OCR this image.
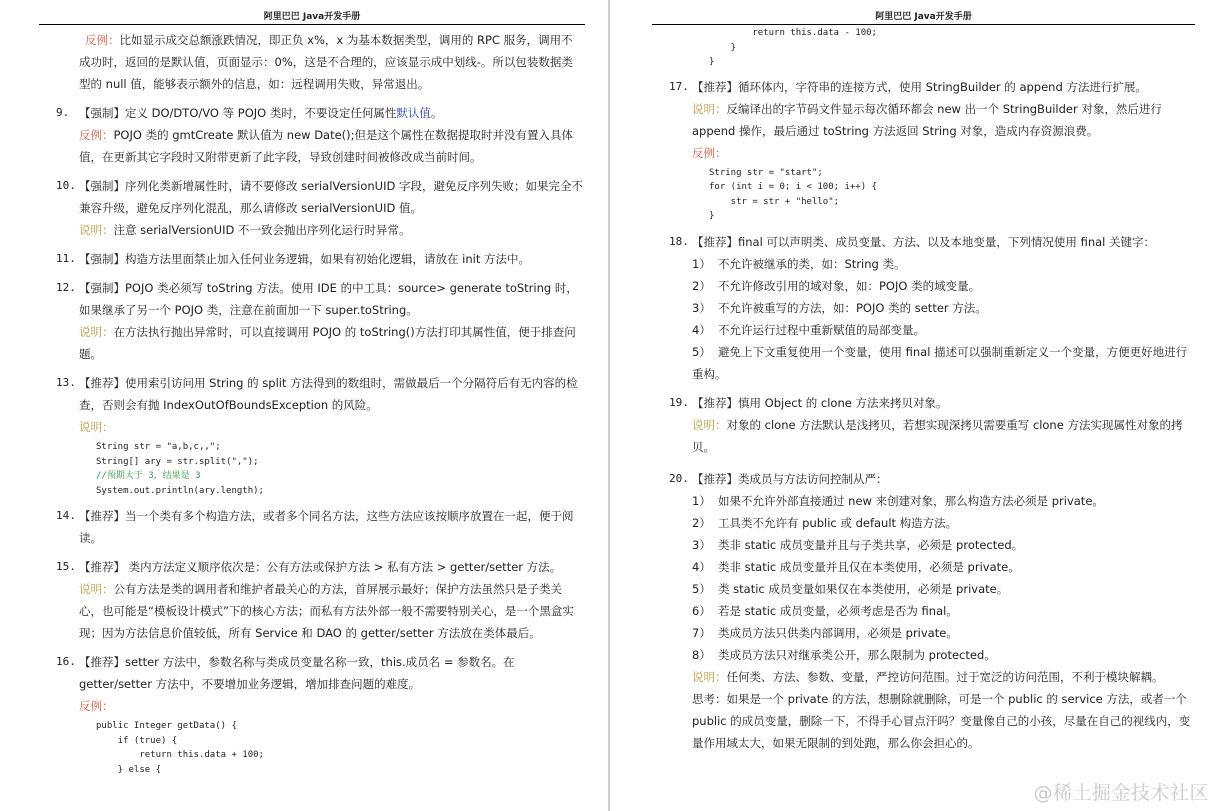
阿里巴巴 Java开发手册
反例：比如显示成交总额涨跌情况，即正负 x%，x 为基本数据类型，调用的 RPC 服务，调用不成功时，返回的是默认值，页面显示：0%，这是不合理的，应该显示成中划线-。所以包装数据类型的 null 值，能够表示额外的信息，如：远程调用失败，异常退出。
9. 【强制】定义 DO/DTO/VO 等 POJO 类时，不要设定任何属性默认值。
反例：POJO 类的 gmtCreate 默认值为 new Date();但是这个属性在数据提取时并没有置入具体值，在更新其它字段时又附带更新了此字段，导致创建时间被修改成当前时间。
10. 【强制】序列化类新增属性时，请不要修改 serialVersionUID 字段，避免反序列失败；如果完全不兼容升级，避免反序列化混乱，那么请修改 serialVersionUID 值。
说明：注意 serialVersionUID 不一致会抛出序列化运行时异常。
11. 【强制】构造方法里面禁止加入任何业务逻辑，如果有初始化逻辑，请放在 init 方法中。
12. 【强制】POJO 类必须写 toString 方法。使用 IDE 的中工具：source> generate toString 时，如果继承了另一个 POJO 类，注意在前面加一下 super.toString。
说明：在方法执行抛出异常时，可以直接调用 POJO 的 toString()方法打印其属性值，便于排查问题。
13. 【推荐】使用索引访问用 String 的 split 方法得到的数组时，需做最后一个分隔符后有无内容的检查，否则会有抛 IndexOutOfBoundsException 的风险。
说明：
String str = "a,b,c,,";
String[] ary = str.split(",");
//预期大于 3，结果是 3
System.out.println(ary.length);
14. 【推荐】当一个类有多个构造方法，或者多个同名方法，这些方法应该按顺序放置在一起，便于阅读。
15. 【推荐】 类内方法定义顺序依次是：公有方法或保护方法 > 私有方法 > getter/setter 方法。
说明：公有方法是类的调用者和维护者最关心的方法，首屏展示最好；保护方法虽然只是子类关心，也可能是“模板设计模式”下的核心方法；而私有方法外部一般不需要特别关心，是一个黑盒实现；因为方法信息价值较低，所有 Service 和 DAO 的 getter/setter 方法放在类体最后。
16. 【推荐】setter 方法中，参数名称与类成员变量名称一致，this.成员名 = 参数名。在 getter/setter 方法中，不要增加业务逻辑，增加排查问题的难度。
反例：
public Integer getData() {
if (true) {
return this.data + 100;
} else {
阿里巴巴 Java开发手册
return this.data - 100;
}
}
17. 【推荐】循环体内，字符串的连接方式，使用 StringBuilder 的 append 方法进行扩展。
说明：反编译出的字节码文件显示每次循环都会 new 出一个 StringBuilder 对象，然后进行 append 操作，最后通过 toString 方法返回 String 对象，造成内存资源浪费。
反例：
String str = "start";
for (int i = 0; i < 100; i++) {
str = str + "hello";
}
18. 【推荐】final 可以声明类、成员变量、方法、以及本地变量，下列情况使用 final 关键字：
1） 不允许被继承的类，如：String 类。
2） 不允许修改引用的域对象，如：POJO 类的域变量。
3） 不允许被重写的方法，如：POJO 类的 setter 方法。
4） 不允许运行过程中重新赋值的局部变量。
5） 避免上下文重复使用一个变量，使用 final 描述可以强制重新定义一个变量，方便更好地进行重构。
19. 【推荐】慎用 Object 的 clone 方法来拷贝对象。
说明：对象的 clone 方法默认是浅拷贝，若想实现深拷贝需要重写 clone 方法实现属性对象的拷贝。
20. 【推荐】类成员与方法访问控制从严：
1） 如果不允许外部直接通过 new 来创建对象，那么构造方法必须是 private。
2） 工具类不允许有 public 或 default 构造方法。
3） 类非 static 成员变量并且与子类共享，必须是 protected。
4） 类非 static 成员变量并且仅在本类使用，必须是 private。
5） 类 static 成员变量如果仅在本类使用，必须是 private。
6） 若是 static 成员变量，必须考虑是否为 final。
7） 类成员方法只供类内部调用，必须是 private。
8） 类成员方法只对继承类公开，那么限制为 protected。
说明：任何类、方法、参数、变量，严控访问范围。过于宽泛的访问范围，不利于模块解耦。
思考：如果是一个 private 的方法，想删除就删除，可是一个 public 的 service 方法，或者一个 public 的成员变量，删除一下，不得手心冒点汗吗？变量像自己的小孩，尽量在自己的视线内，变量作用域太大，如果无限制的到处跑，那么你会担心的。
@稀土掘金技术社区
